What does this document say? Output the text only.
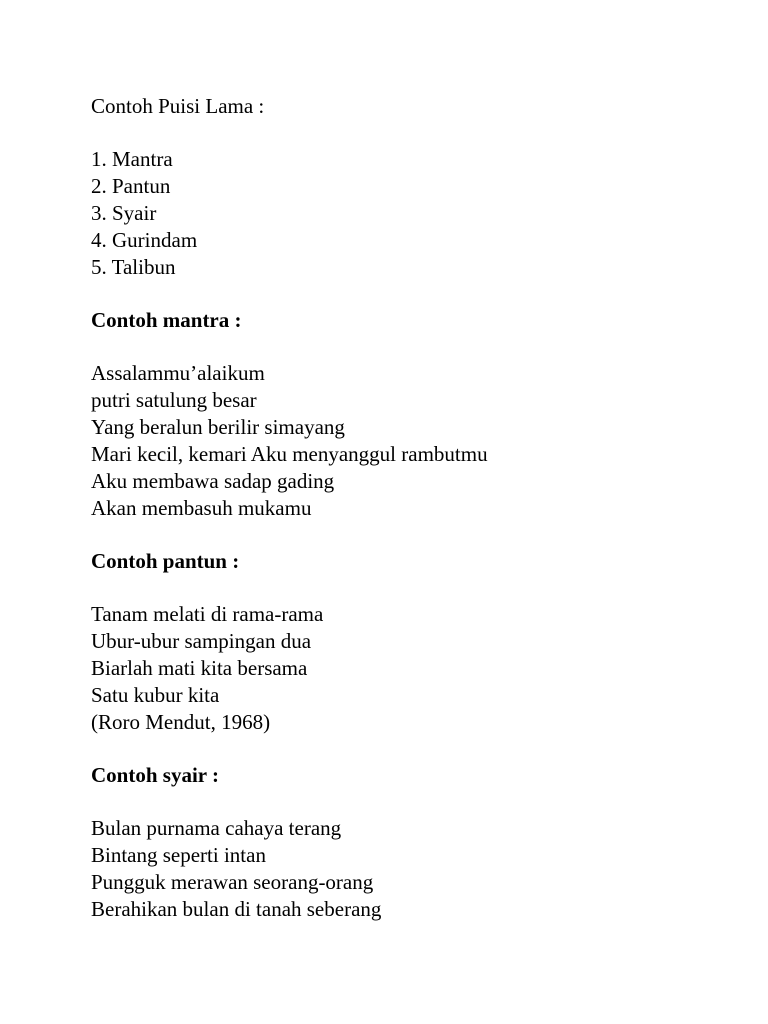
Contoh Puisi Lama :
1. Mantra
2. Pantun
3. Syair
4. Gurindam
5. Talibun
Contoh mantra :
Assalammu’alaikum
putri satulung besar
Yang beralun berilir simayang
Mari kecil, kemari Aku menyanggul rambutmu
Aku membawa sadap gading
Akan membasuh mukamu
Contoh pantun :
Tanam melati di rama-rama
Ubur-ubur sampingan dua
Biarlah mati kita bersama
Satu kubur kita
(Roro Mendut, 1968)
Contoh syair :
Bulan purnama cahaya terang
Bintang seperti intan
Pungguk merawan seorang-orang
Berahikan bulan di tanah seberang
